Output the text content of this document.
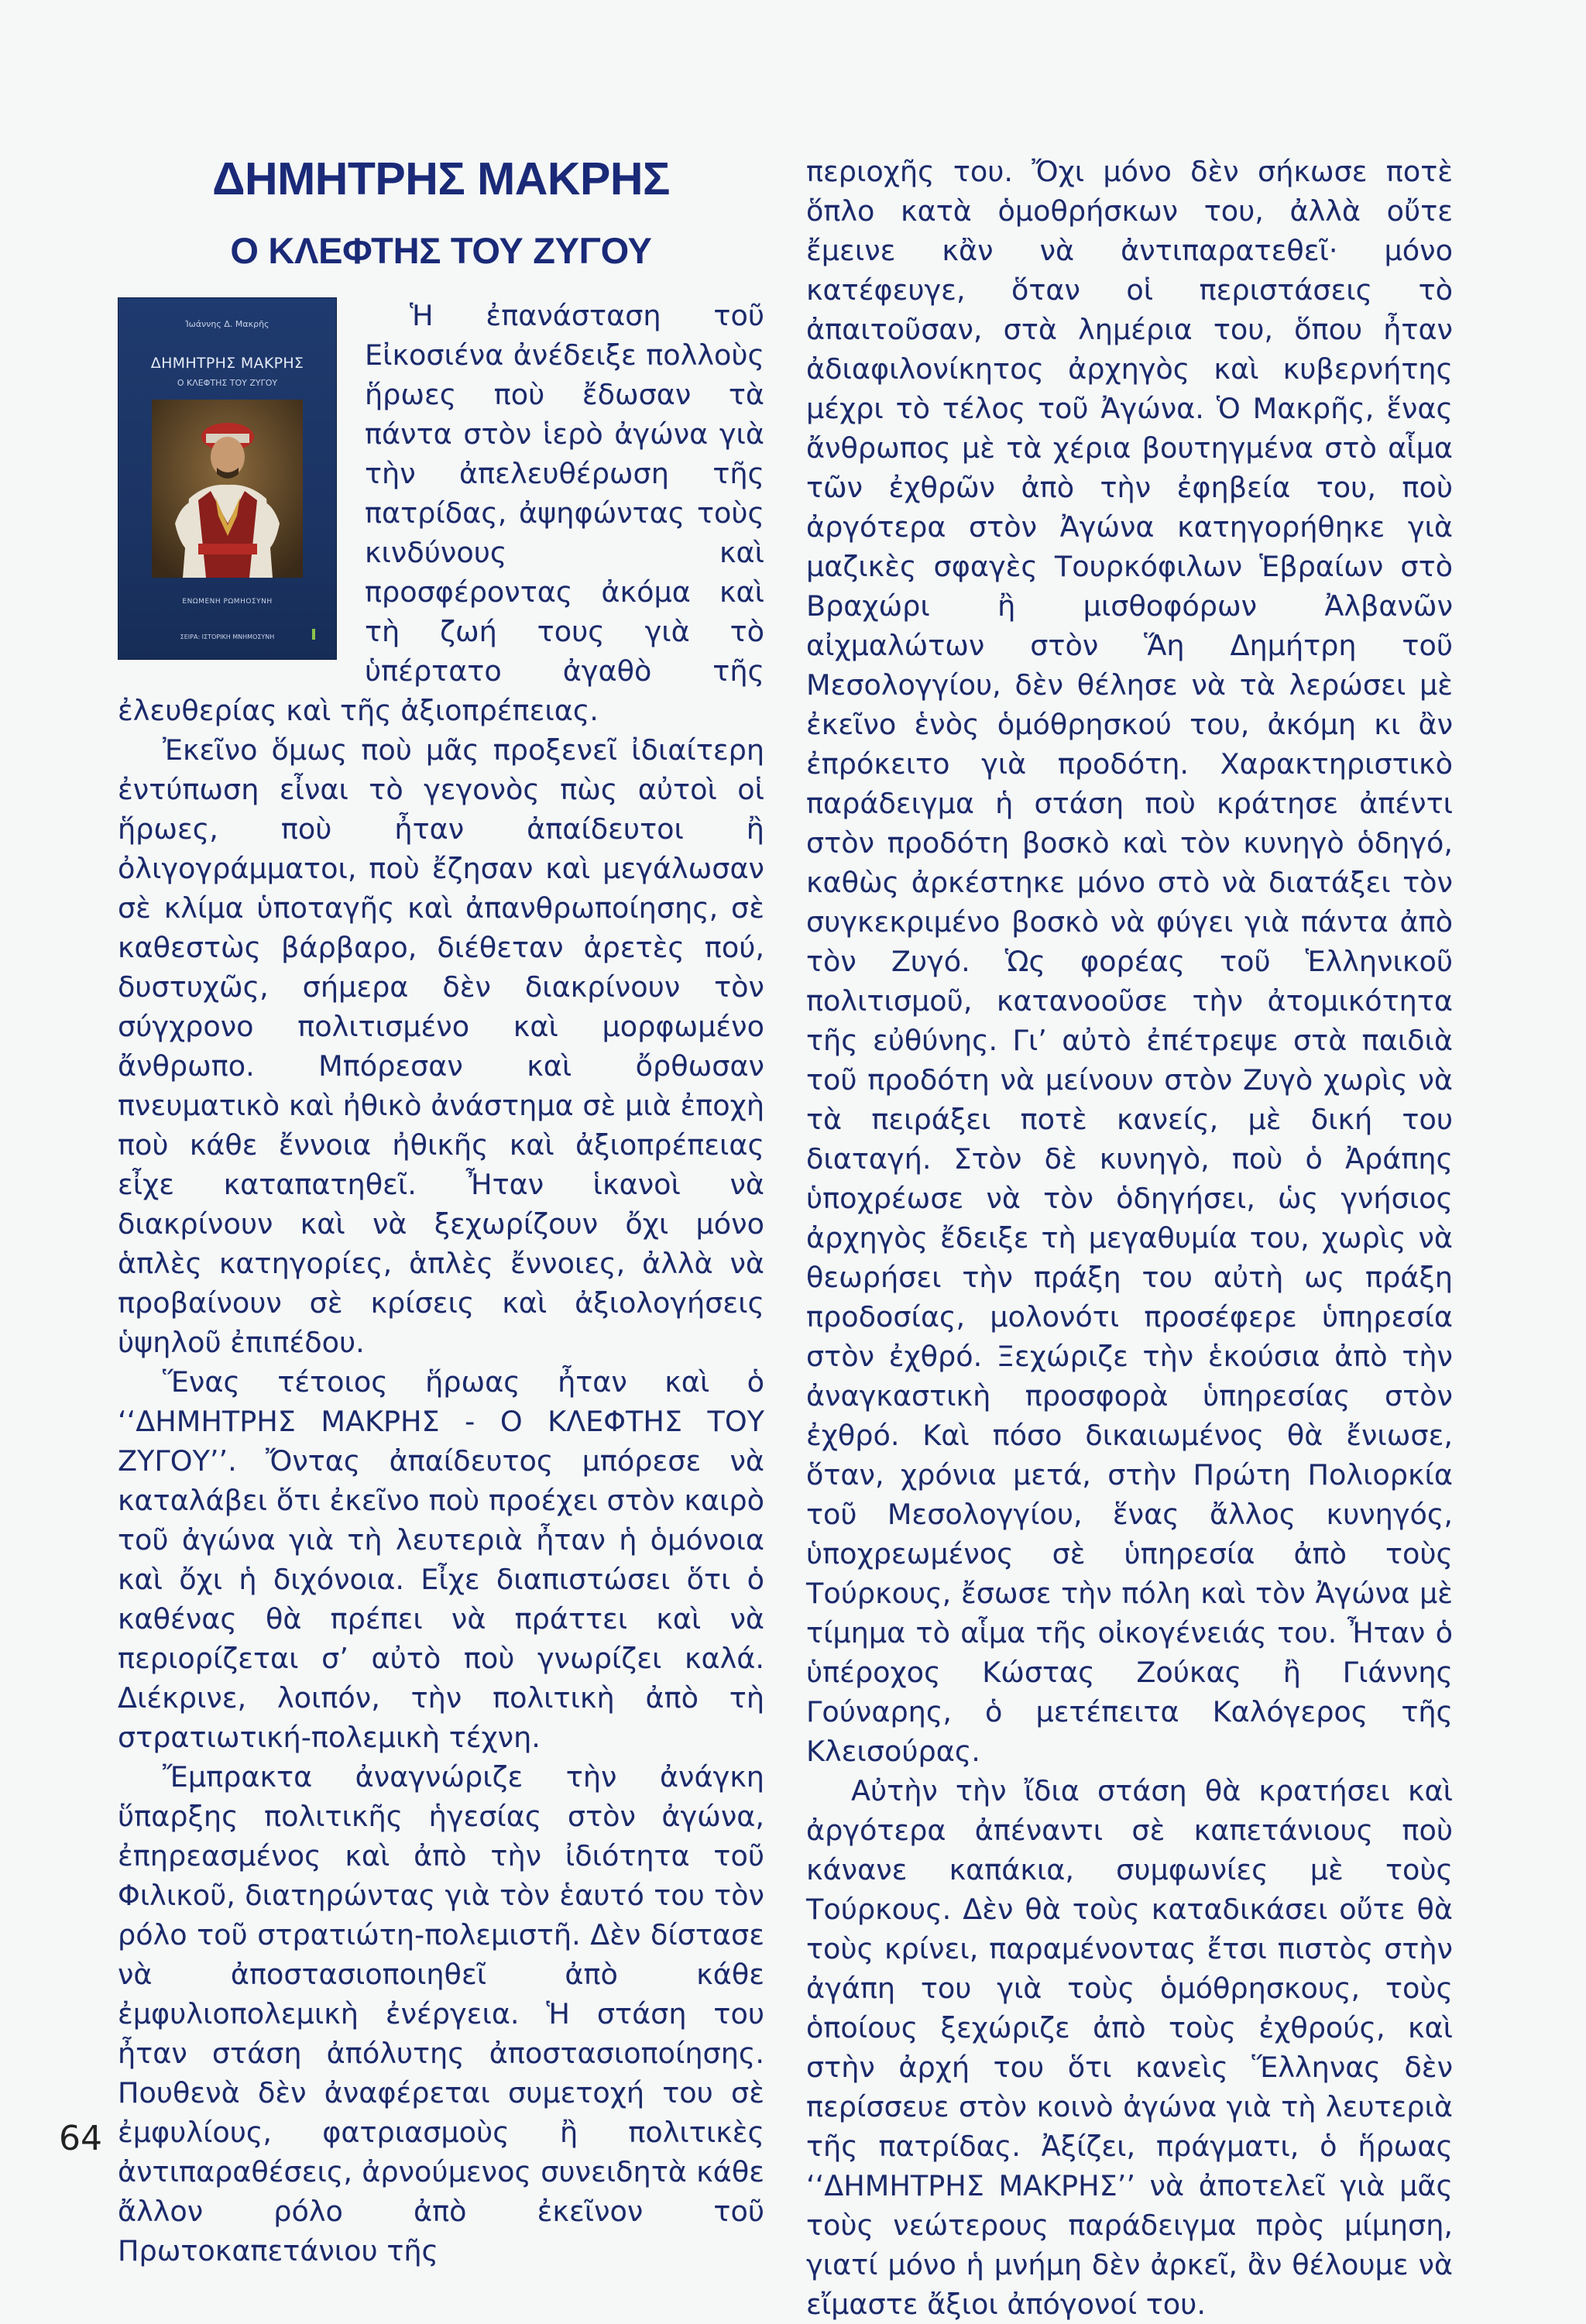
ΔΗΜΗΤΡΗΣ ΜΑΚΡΗΣ
Ο ΚΛΕΦΤΗΣ ΤΟΥ ΖΥΓΟΥ
Ἰωάννης Δ. Μακρῆς
ΔΗΜΗΤΡΗΣ ΜΑΚΡΗΣ
Ο ΚΛΕΦΤΗΣ ΤΟΥ ΖΥΓΟΥ
ΕΝΩΜΕΝΗ ΡΩΜΗΟΣΥΝΗ
ΣΕΙΡΑ: ΙΣΤΟΡΙΚΗ ΜΝΗΜΟΣΥΝΗ

Ἡ ἐπανάσταση τοῦ Εἰκοσιένα ἀνέδειξε πολλοὺς ἥρωες ποὺ ἔδωσαν τὰ πάντα στὸν ἱερὸ ἀγώνα γιὰ τὴν ἀπελευθέρωση τῆς πατρίδας, ἀψηφώντας τοὺς κινδύνους καὶ προσφέροντας ἀκόμα καὶ τὴ ζωή τους γιὰ τὸ ὑπέρτατο ἀγαθὸ τῆς ἐλευθερίας καὶ τῆς ἀξιοπρέπειας.

Ἐκεῖνο ὅμως ποὺ μᾶς προξενεῖ ἰδιαίτερη ἐντύπωση εἶναι τὸ γεγονὸς πὼς αὐτοὶ οἱ ἥρωες, ποὺ ἦταν ἀπαίδευτοι ἢ ὀλιγογράμματοι, ποὺ ἔζησαν καὶ μεγάλωσαν σὲ κλίμα ὑποταγῆς καὶ ἀπανθρωποίησης, σὲ καθεστὼς βάρβαρο, διέθεταν ἀρετὲς πού, δυστυχῶς, σήμερα δὲν διακρίνουν τὸν σύγχρονο πολιτισμένο καὶ μορφωμένο ἄνθρωπο. Μπόρεσαν καὶ ὄρθωσαν πνευματικὸ καὶ ἠθικὸ ἀνάστημα σὲ μιὰ ἐποχὴ ποὺ κάθε ἔννοια ἠθικῆς καὶ ἀξιοπρέπειας εἶχε καταπατηθεῖ. Ἦταν ἱκανοὶ νὰ διακρίνουν καὶ νὰ ξεχωρίζουν ὄχι μόνο ἁπλὲς κατηγορίες, ἁπλὲς ἔννοιες, ἀλλὰ νὰ προβαίνουν σὲ κρίσεις καὶ ἀξιολογήσεις ὑψηλοῦ ἐπιπέδου.

Ἕνας τέτοιος ἥρωας ἦταν καὶ ὁ ‘‘ΔΗΜΗΤΡΗΣ ΜΑΚΡΗΣ - Ο ΚΛΕΦΤΗΣ ΤΟΥ ΖΥΓΟΥ’’. Ὄντας ἀπαίδευτος μπόρεσε νὰ καταλάβει ὅτι ἐκεῖνο ποὺ προέχει στὸν καιρὸ τοῦ ἀγώνα γιὰ τὴ λευτεριὰ ἦταν ἡ ὁμόνοια καὶ ὄχι ἡ διχόνοια. Εἶχε διαπιστώσει ὅτι ὁ καθένας θὰ πρέπει νὰ πράττει καὶ νὰ περιορίζεται σ’ αὐτὸ ποὺ γνωρίζει καλά. Διέκρινε, λοιπόν, τὴν πολιτικὴ ἀπὸ τὴ στρατιωτική-πολεμικὴ τέχνη.

Ἔμπρακτα ἀναγνώριζε τὴν ἀνάγκη ὕπαρξης πολιτικῆς ἡγεσίας στὸν ἀγώνα, ἐπηρεασμένος καὶ ἀπὸ τὴν ἰδιότητα τοῦ Φιλικοῦ, διατηρώντας γιὰ τὸν ἑαυτό του τὸν ρόλο τοῦ στρατιώτη-πολεμιστῆ. Δὲν δίστασε νὰ ἀποστασιοποιηθεῖ ἀπὸ κάθε ἐμφυλιοπολεμικὴ ἐνέργεια. Ἡ στάση του ἦταν στάση ἀπόλυτης ἀποστασιοποίησης. Πουθενὰ δὲν ἀναφέρεται συμετοχή του σὲ ἐμφυλίους, φατριασμοὺς ἢ πολιτικὲς ἀντιπαραθέσεις, ἀρνούμενος συνειδητὰ κάθε ἄλλον ρόλο ἀπὸ ἐκεῖνον τοῦ Πρωτοκαπετάνιου τῆς

περιοχῆς του. Ὄχι μόνο δὲν σήκωσε ποτὲ ὅπλο κατὰ ὁμοθρήσκων του, ἀλλὰ οὔτε ἔμεινε κἂν νὰ ἀντιπαρατεθεῖ· μόνο κατέφευγε, ὅταν οἱ περιστάσεις τὸ ἀπαιτοῦσαν, στὰ λημέρια του, ὅπου ἦταν ἀδιαφιλονίκητος ἀρχηγὸς καὶ κυβερνήτης μέχρι τὸ τέλος τοῦ Ἀγώνα. Ὁ Μακρῆς, ἕνας ἄνθρωπος μὲ τὰ χέρια βουτηγμένα στὸ αἷμα τῶν ἐχθρῶν ἀπὸ τὴν ἐφηβεία του, ποὺ ἀργότερα στὸν Ἀγώνα κατηγορήθηκε γιὰ μαζικὲς σφαγὲς Τουρκόφιλων Ἑβραίων στὸ Βραχώρι ἢ μισθοφόρων Ἀλβανῶν αἰχμαλώτων στὸν Ἅη Δημήτρη τοῦ Μεσολογγίου, δὲν θέλησε νὰ τὰ λερώσει μὲ ἐκεῖνο ἑνὸς ὁμόθρησκού του, ἀκόμη κι ἂν ἐπρόκειτο γιὰ προδότη. Χαρακτηριστικὸ παράδειγμα ἡ στάση ποὺ κράτησε ἀπέντι στὸν προδότη βοσκὸ καὶ τὸν κυνηγὸ ὁδηγό, καθὼς ἀρκέστηκε μόνο στὸ νὰ διατάξει τὸν συγκεκριμένο βοσκὸ νὰ φύγει γιὰ πάντα ἀπὸ τὸν Ζυγό. Ὡς φορέας τοῦ Ἑλληνικοῦ πολιτισμοῦ, κατανοοῦσε τὴν ἀτομικότητα τῆς εὐθύνης. Γι’ αὐτὸ ἐπέτρεψε στὰ παιδιὰ τοῦ προδότη νὰ μείνουν στὸν Ζυγὸ χωρὶς νὰ τὰ πειράξει ποτὲ κανείς, μὲ δική του διαταγή. Στὸν δὲ κυνηγὸ, ποὺ ὁ Ἀράπης ὑποχρέωσε νὰ τὸν ὁδηγήσει, ὡς γνήσιος ἀρχηγὸς ἔδειξε τὴ μεγαθυμία του, χωρὶς νὰ θεωρήσει τὴν πράξη του αὐτὴ ως πράξη προδοσίας, μολονότι προσέφερε ὑπηρεσία στὸν ἐχθρό. Ξεχώριζε τὴν ἑκούσια ἀπὸ τὴν ἀναγκαστικὴ προσφορὰ ὑπηρεσίας στὸν ἐχθρό. Καὶ πόσο δικαιωμένος θὰ ἔνιωσε, ὅταν, χρόνια μετά, στὴν Πρώτη Πολιορκία τοῦ Μεσολογγίου, ἕνας ἄλλος κυνηγός, ὑποχρεωμένος σὲ ὑπηρεσία ἀπὸ τοὺς Τούρκους, ἔσωσε τὴν πόλη καὶ τὸν Ἀγώνα μὲ τίμημα τὸ αἷμα τῆς οἰκογένειάς του. Ἦταν ὁ ὑπέροχος Κώστας Ζούκας ἢ Γιάννης Γούναρης, ὁ μετέπειτα Καλόγερος τῆς Κλεισούρας.

Αὐτὴν τὴν ἴδια στάση θὰ κρατήσει καὶ ἀργότερα ἀπέναντι σὲ καπετάνιους ποὺ κάνανε καπάκια, συμφωνίες μὲ τοὺς Τούρκους. Δὲν θὰ τοὺς καταδικάσει οὔτε θὰ τοὺς κρίνει, παραμένοντας ἔτσι πιστὸς στὴν ἀγάπη του γιὰ τοὺς ὁμόθρησκους, τοὺς ὁποίους ξεχώριζε ἀπὸ τοὺς ἐχθρούς, καὶ στὴν ἀρχή του ὅτι κανεὶς Ἕλληνας δὲν περίσσευε στὸν κοινὸ ἀγώνα γιὰ τὴ λευτεριὰ τῆς πατρίδας. Ἀξίζει, πράγματι, ὁ ἥρωας ‘‘ΔΗΜΗΤΡΗΣ ΜΑΚΡΗΣ’’ νὰ ἀποτελεῖ γιὰ μᾶς τοὺς νεώτερους παράδειγμα πρὸς μίμηση, γιατί μόνο ἡ μνήμη δὲν ἀρκεῖ, ἂν θέλουμε νὰ εἴμαστε ἄξιοι ἀπόγονοί του.

64
